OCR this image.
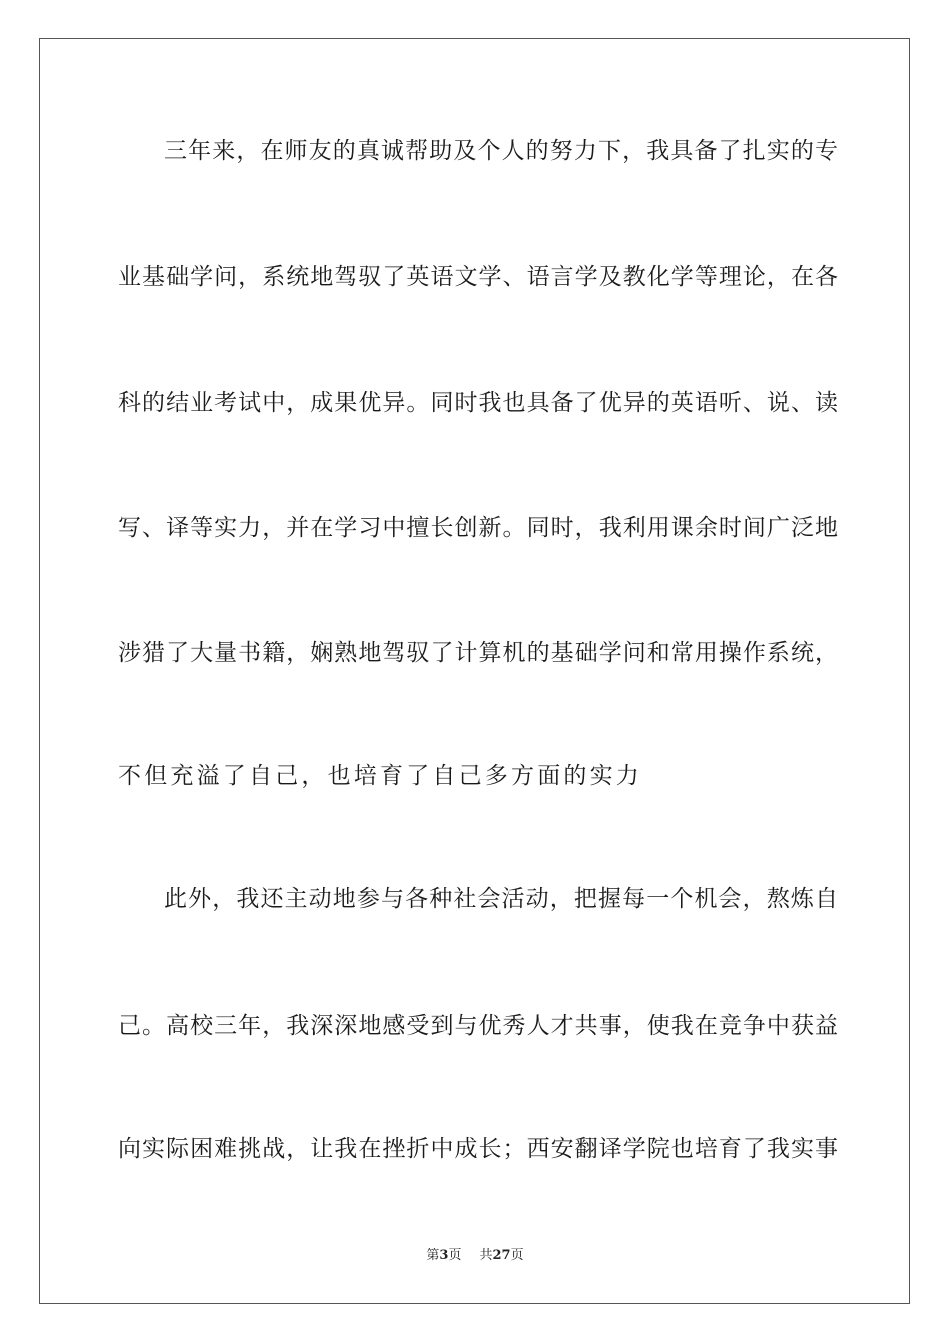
三年来，在师友的真诚帮助及个人的努力下，我具备了扎实的专
业基础学问，系统地驾驭了英语文学、语言学及教化学等理论，在各
科的结业考试中，成果优异。同时我也具备了优异的英语听、说、读
写、译等实力，并在学习中擅长创新。同时，我利用课余时间广泛地
涉猎了大量书籍，娴熟地驾驭了计算机的基础学问和常用操作系统，
不但充溢了自己，也培育了自己多方面的实力
此外，我还主动地参与各种社会活动，把握每一个机会，熬炼自
己。高校三年，我深深地感受到与优秀人才共事，使我在竞争中获益
向实际困难挑战，让我在挫折中成长；西安翻译学院也培育了我实事
第3页 共27页
